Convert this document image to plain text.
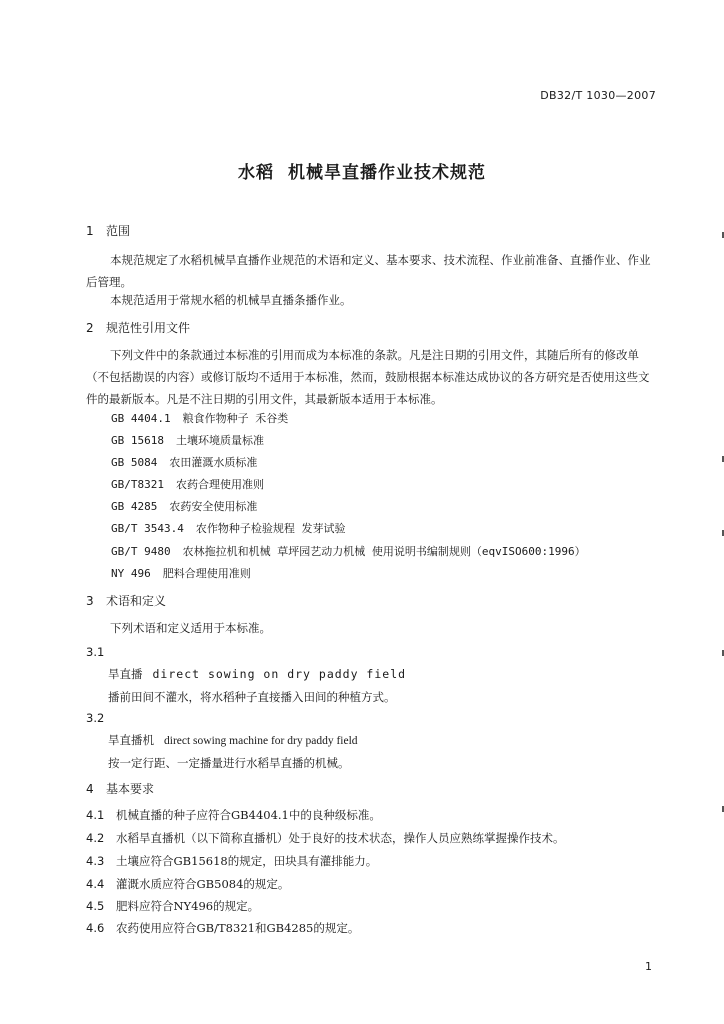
DB32/T 1030—2007
水稻 机械旱直播作业技术规范
1 范围
本规范规定了水稻机械旱直播作业规范的术语和定义、基本要求、技术流程、作业前准备、直播作业、作业后管理。
本规范适用于常规水稻的机械旱直播条播作业。
2 规范性引用文件
下列文件中的条款通过本标准的引用而成为本标准的条款。凡是注日期的引用文件，其随后所有的修改单（不包括勘误的内容）或修订版均不适用于本标准，然而，鼓励根据本标准达成协议的各方研究是否使用这些文件的最新版本。凡是不注日期的引用文件，其最新版本适用于本标准。
GB 4404.1 粮食作物种子 禾谷类
GB 15618 土壤环境质量标准
GB 5084 农田灌溉水质标准
GB/T8321 农药合理使用准则
GB 4285 农药安全使用标准
GB/T 3543.4 农作物种子检验规程 发芽试验
GB/T 9480 农林拖拉机和机械 草坪园艺动力机械 使用说明书编制规则（eqvISO600:1996）
NY 496 肥料合理使用准则
3 术语和定义
下列术语和定义适用于本标准。
3.1
旱直播 direct sowing on dry paddy field
播前田间不灌水，将水稻种子直接播入田间的种植方式。
3.2
旱直播机 direct sowing machine for dry paddy field
按一定行距、一定播量进行水稻旱直播的机械。
4 基本要求
4.1 机械直播的种子应符合GB4404.1中的良种级标准。
4.2 水稻旱直播机（以下简称直播机）处于良好的技术状态，操作人员应熟练掌握操作技术。
4.3 土壤应符合GB15618的规定，田块具有灌排能力。
4.4 灌溉水质应符合GB5084的规定。
4.5 肥料应符合NY496的规定。
4.6 农药使用应符合GB/T8321和GB4285的规定。
1
